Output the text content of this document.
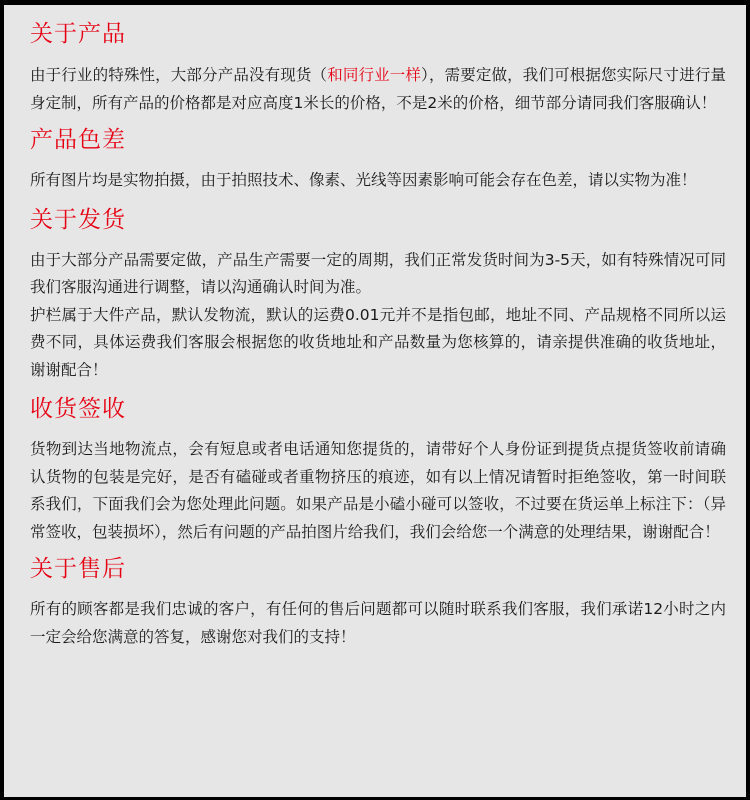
关于产品

由于行业的特殊性，大部分产品没有现货（和同行业一样），需要定做，我们可根据您实际尺寸进行量身定制，所有产品的价格都是对应高度1米长的价格，不是2米的价格，细节部分请同我们客服确认！

产品色差

所有图片均是实物拍摄，由于拍照技术、像素、光线等因素影响可能会存在色差，请以实物为准！

关于发货

由于大部分产品需要定做，产品生产需要一定的周期，我们正常发货时间为3-5天，如有特殊情况可同我们客服沟通进行调整，请以沟通确认时间为准。

护栏属于大件产品，默认发物流，默认的运费0.01元并不是指包邮，地址不同、产品规格不同所以运费不同，具体运费我们客服会根据您的收货地址和产品数量为您核算的，请亲提供准确的收货地址，谢谢配合！

收货签收

货物到达当地物流点，会有短息或者电话通知您提货的，请带好个人身份证到提货点提货签收前请确认货物的包装是完好，是否有磕碰或者重物挤压的痕迹，如有以上情况请暂时拒绝签收，第一时间联系我们，下面我们会为您处理此问题。如果产品是小磕小碰可以签收，不过要在货运单上标注下：（异常签收，包装损坏），然后有问题的产品拍图片给我们，我们会给您一个满意的处理结果，谢谢配合！

关于售后

所有的顾客都是我们忠诚的客户，有任何的售后问题都可以随时联系我们客服，我们承诺12小时之内一定会给您满意的答复，感谢您对我们的支持！
